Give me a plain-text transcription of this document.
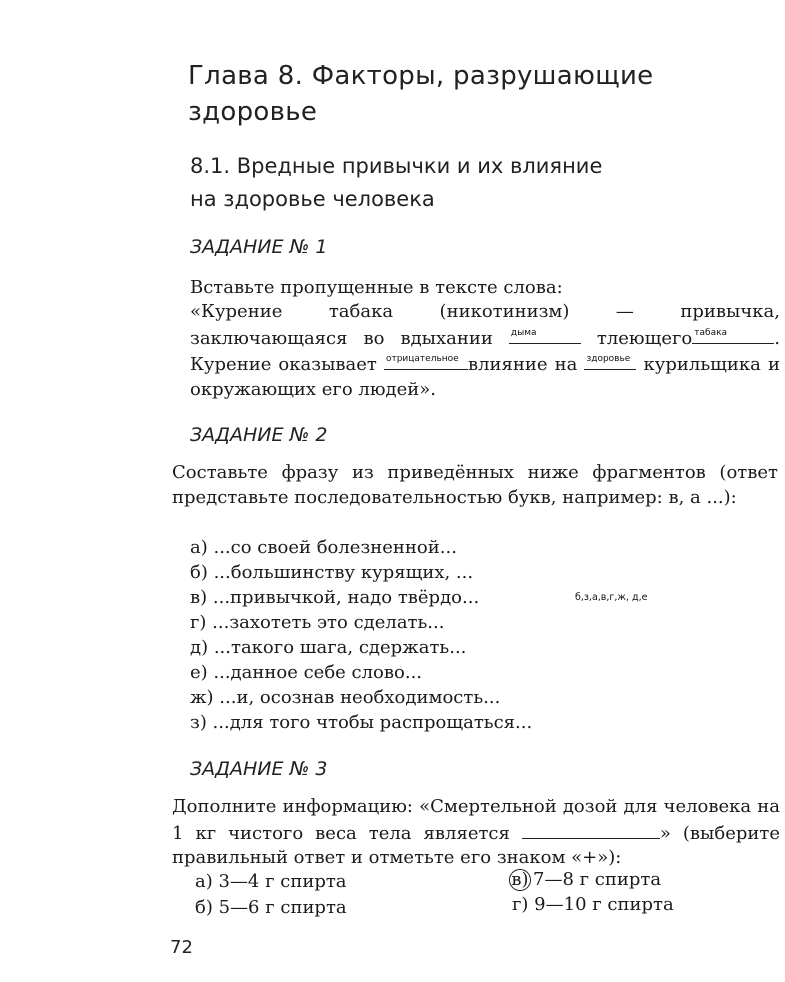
Глава 8. Факторы, разрушающие
здоровье
8.1. Вредные привычки и их влияние
на здоровье человека
ЗАДАНИЕ № 1
Вставьте пропущенные в тексте слова:
«Курение табака (никотинизм) — привычка, заключающаяся во вдыхании дыма	тлеющего табака	. Курение оказывает отрицательное влияние на здоровье курильщика и окружающих его людей».
ЗАДАНИЕ № 2
Составьте фразу из приведённых ниже фрагментов (ответ представьте последовательностью букв, например: в, а ...):
а) ...со своей болезненной...
б) ...большинству курящих, ...
в) ...привычкой, надо твёрдо...
г) ...захотеть это сделать...
д) ...такого шага, сдержать...
е) ...данное себе слово...
ж) ...и, осознав необходимость...
з) ...для того чтобы распрощаться...
б,з,а,в,г,ж, д,е
ЗАДАНИЕ № 3
Дополните информацию: «Смертельной дозой для человека на 1 кг чистого веса тела является	» (выберите правильный ответ и отметьте его знаком «+»):
а) 3—4 г спирта
б) 5—6 г спирта
в) 7—8 г спирта
г) 9—10 г спирта
72
